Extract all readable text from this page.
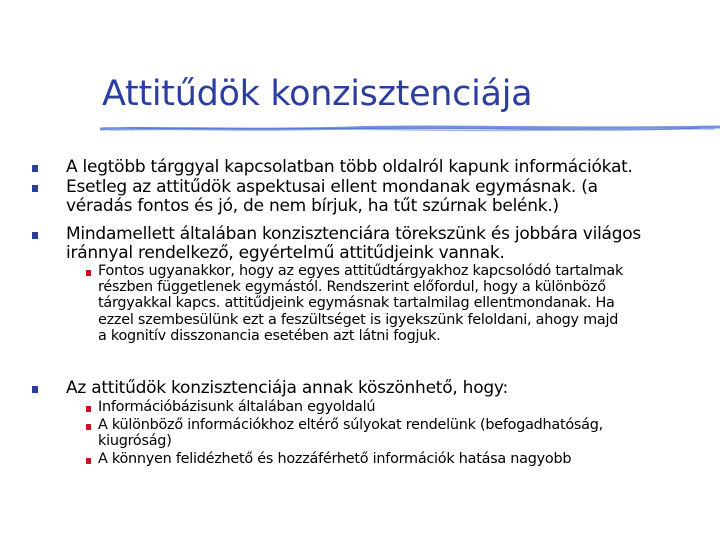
Attitűdök konzisztenciája
A legtöbb tárggyal kapcsolatban több oldalról kapunk információkat.
Esetleg az attitűdök aspektusai ellent mondanak egymásnak. (a
véradás fontos és jó, de nem bírjuk, ha tűt szúrnak belénk.)
Mindamellett általában konzisztenciára törekszünk és jobbára világos
iránnyal rendelkező, egyértelmű attitűdjeink vannak.
Fontos ugyanakkor, hogy az egyes attitűdtárgyakhoz kapcsolódó tartalmak
részben függetlenek egymástól. Rendszerint előfordul, hogy a különböző
tárgyakkal kapcs. attitűdjeink egymásnak tartalmilag ellentmondanak. Ha
ezzel szembesülünk ezt a feszültséget is igyekszünk feloldani, ahogy majd
a kognitív disszonancia esetében azt látni fogjuk.
Az attitűdök konzisztenciája annak köszönhető, hogy:
Információbázisunk általában egyoldalú
A különböző információkhoz eltérő súlyokat rendelünk (befogadhatóság,
kiugróság)
A könnyen felidézhető és hozzáférhető információk hatása nagyobb
